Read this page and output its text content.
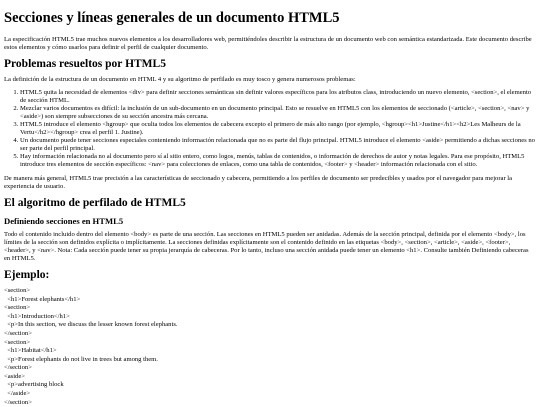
Secciones y líneas generales de un documento HTML5

La especificación HTML5 trae muchos nuevos elementos a los desarrolladores web, permitiéndoles describir la estructura de un documento web con semántica estandarizada. Este documento describe estos elementos y cómo usarlos para definir el perfil de cualquier documento.

Problemas resueltos por HTML5

La definición de la estructura de un documento en HTML 4 y su algoritmo de perfilado es muy tosco y genera numerosos problemas:

1. HTML5 quita la necesidad de elementos <div> para definir secciones semánticas sin definir valores específicos para los atributos class, introduciendo un nuevo elemento, <section>, el elemento de sección HTML.
2. Mezclar varios documentos es difícil: la inclusión de un sub-documento en un documento principal. Esto se resuelve en HTML5 con los elementos de seccionado (<article>, <section>, <nav> y <aside>) son siempre subsecciones de su sección ancestra más cercana.
3. HTML5 introduce el elemento <hgroup> que oculta todos los elementos de cabecera excepto el primero de más alto rango (por ejemplo, <hgroup><h1>Justine</h1><h2>Les Malheurs de la Vertu</h2></hgroup> crea el perfil 1. Justine).
4. Un documento puede tener secciones especiales conteniendo información relacionada que no es parte del flujo principal. HTML5 introduce el elemento <aside> permitiendo a dichas secciones no ser parte del perfil principal.
5. Hay información relacionada no al documento pero sí al sitio entero, como logos, menús, tablas de contenidos, o información de derechos de autor y notas legales. Para ese propósito, HTML5 introduce tres elementos de sección específicos: <nav> para colecciones de enlaces, como una tabla de contenidos, <footer> y <header> información relacionada con el sitio.

De manera más general, HTML5 trae precisión a las características de seccionado y cabecera, permitiendo a los perfiles de documento ser predecibles y usados por el navegador para mejorar la experiencia de usuario.

El algoritmo de perfilado de HTML5
Definiendo secciones en HTML5

Todo el contenido incluido dentro del elemento <body> es parte de una sección. Las secciones en HTML5 pueden ser anidadas. Además de la sección principal, definida por el elemento <body>, los límites de la sección son definidos explícita o implícitamente. La secciones definidas explícitamente son el contenido definido en las etiquetas <body>, <section>, <article>, <aside>, <footer>, <header>, y <nav>. Nota: Cada sección puede tener su propia jerarquía de cabeceras. Por lo tanto, incluso una sección anidada puede tener un elemento <h1>. Consulte también Definiendo cabeceras en HTML5.

Ejemplo:
<section>
<h1>Forest elephants</h1>
<section>
<h1>Introduction</h1>
<p>In this section, we discuss the lesser known forest elephants.
</section>
<section>
<h1>Habitat</h1>
<p>Forest elephants do not live in trees but among them.
</section>
<aside>
<p>advertising block
</aside>
</section>
